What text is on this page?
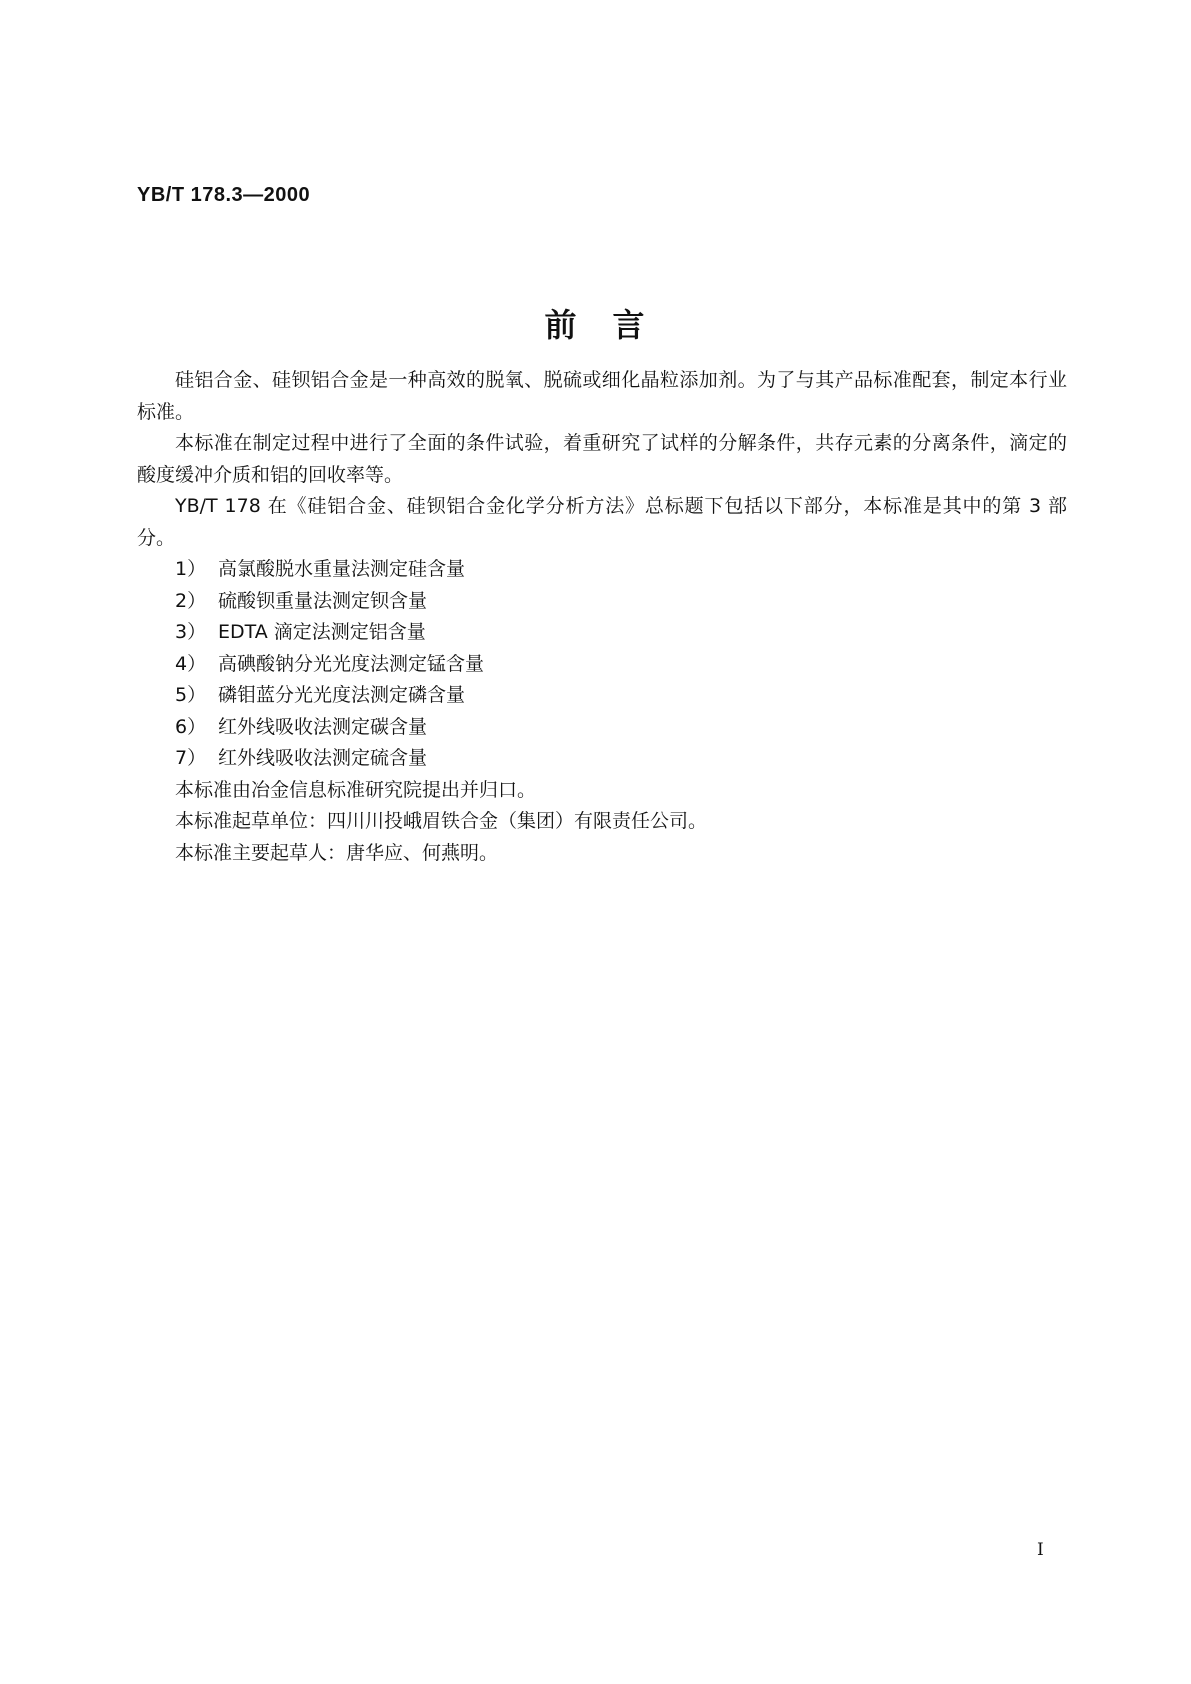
YB/T 178.3—2000
前　言

硅铝合金、硅钡铝合金是一种高效的脱氧、脱硫或细化晶粒添加剂。为了与其产品标准配套，制定本行业标准。

本标准在制定过程中进行了全面的条件试验，着重研究了试样的分解条件，共存元素的分离条件，滴定的酸度缓冲介质和铝的回收率等。

YB/T 178 在《硅铝合金、硅钡铝合金化学分析方法》总标题下包括以下部分，本标准是其中的第 3 部分。

1） 高氯酸脱水重量法测定硅含量
2） 硫酸钡重量法测定钡含量
3） EDTA 滴定法测定铝含量
4） 高碘酸钠分光光度法测定锰含量
5） 磷钼蓝分光光度法测定磷含量
6） 红外线吸收法测定碳含量
7） 红外线吸收法测定硫含量

本标准由冶金信息标准研究院提出并归口。

本标准起草单位：四川川投峨眉铁合金（集团）有限责任公司。

本标准主要起草人：唐华应、何燕明。

I
